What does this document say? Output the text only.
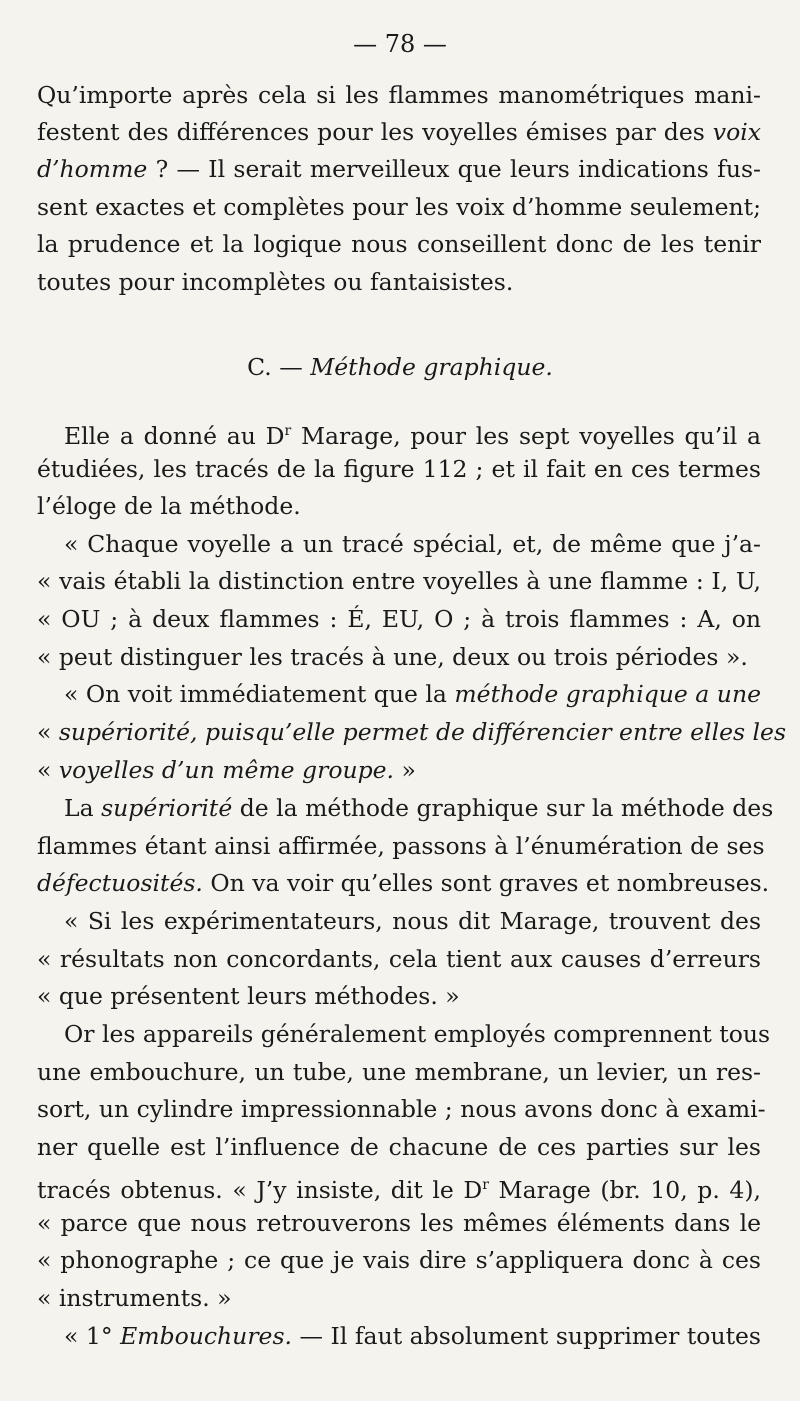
— 78 —
Qu’importe après cela si les flammes manométriques mani-
festent des différences pour les voyelles émises par des voix
d’homme ? — Il serait merveilleux que leurs indications fus-
sent exactes et complètes pour les voix d’homme seulement;
la prudence et la logique nous conseillent donc de les tenir
toutes pour incomplètes ou fantaisistes.
Elle a donné au $D^r$ Marage, pour les sept voyelles qu’il a
étudiées, les tracés de la figure 112 ; et il fait en ces termes
l’éloge de la méthode.
« Chaque voyelle a un tracé spécial, et, de même que j’a-
« vais établi la distinction entre voyelles à une flamme : I, U,
« OU ; à deux flammes : É, EU, O ; à trois flammes : A, on
« peut distinguer les tracés à une, deux ou trois périodes ».
« On voit immédiatement que la méthode graphique a une
« supériorité, puisqu’elle permet de différencier entre elles les
« voyelles d’un même groupe. »
La supériorité de la méthode graphique sur la méthode des
flammes étant ainsi affirmée, passons à l’énumération de ses
défectuosités. On va voir qu’elles sont graves et nombreuses.
« Si les expérimentateurs, nous dit Marage, trouvent des
« résultats non concordants, cela tient aux causes d’erreurs
« que présentent leurs méthodes. »
Or les appareils généralement employés comprennent tous
une embouchure, un tube, une membrane, un levier, un res-
sort, un cylindre impressionnable ; nous avons donc à exami-
ner quelle est l’influence de chacune de ces parties sur les
tracés obtenus. « J’y insiste, dit le $D^r$ Marage (br. 10, p. 4),
« parce que nous retrouverons les mêmes éléments dans le
« phonographe ; ce que je vais dire s’appliquera donc à ces
« instruments. »
« 1° Embouchures. — Il faut absolument supprimer toutes
C. — Méthode graphique.
